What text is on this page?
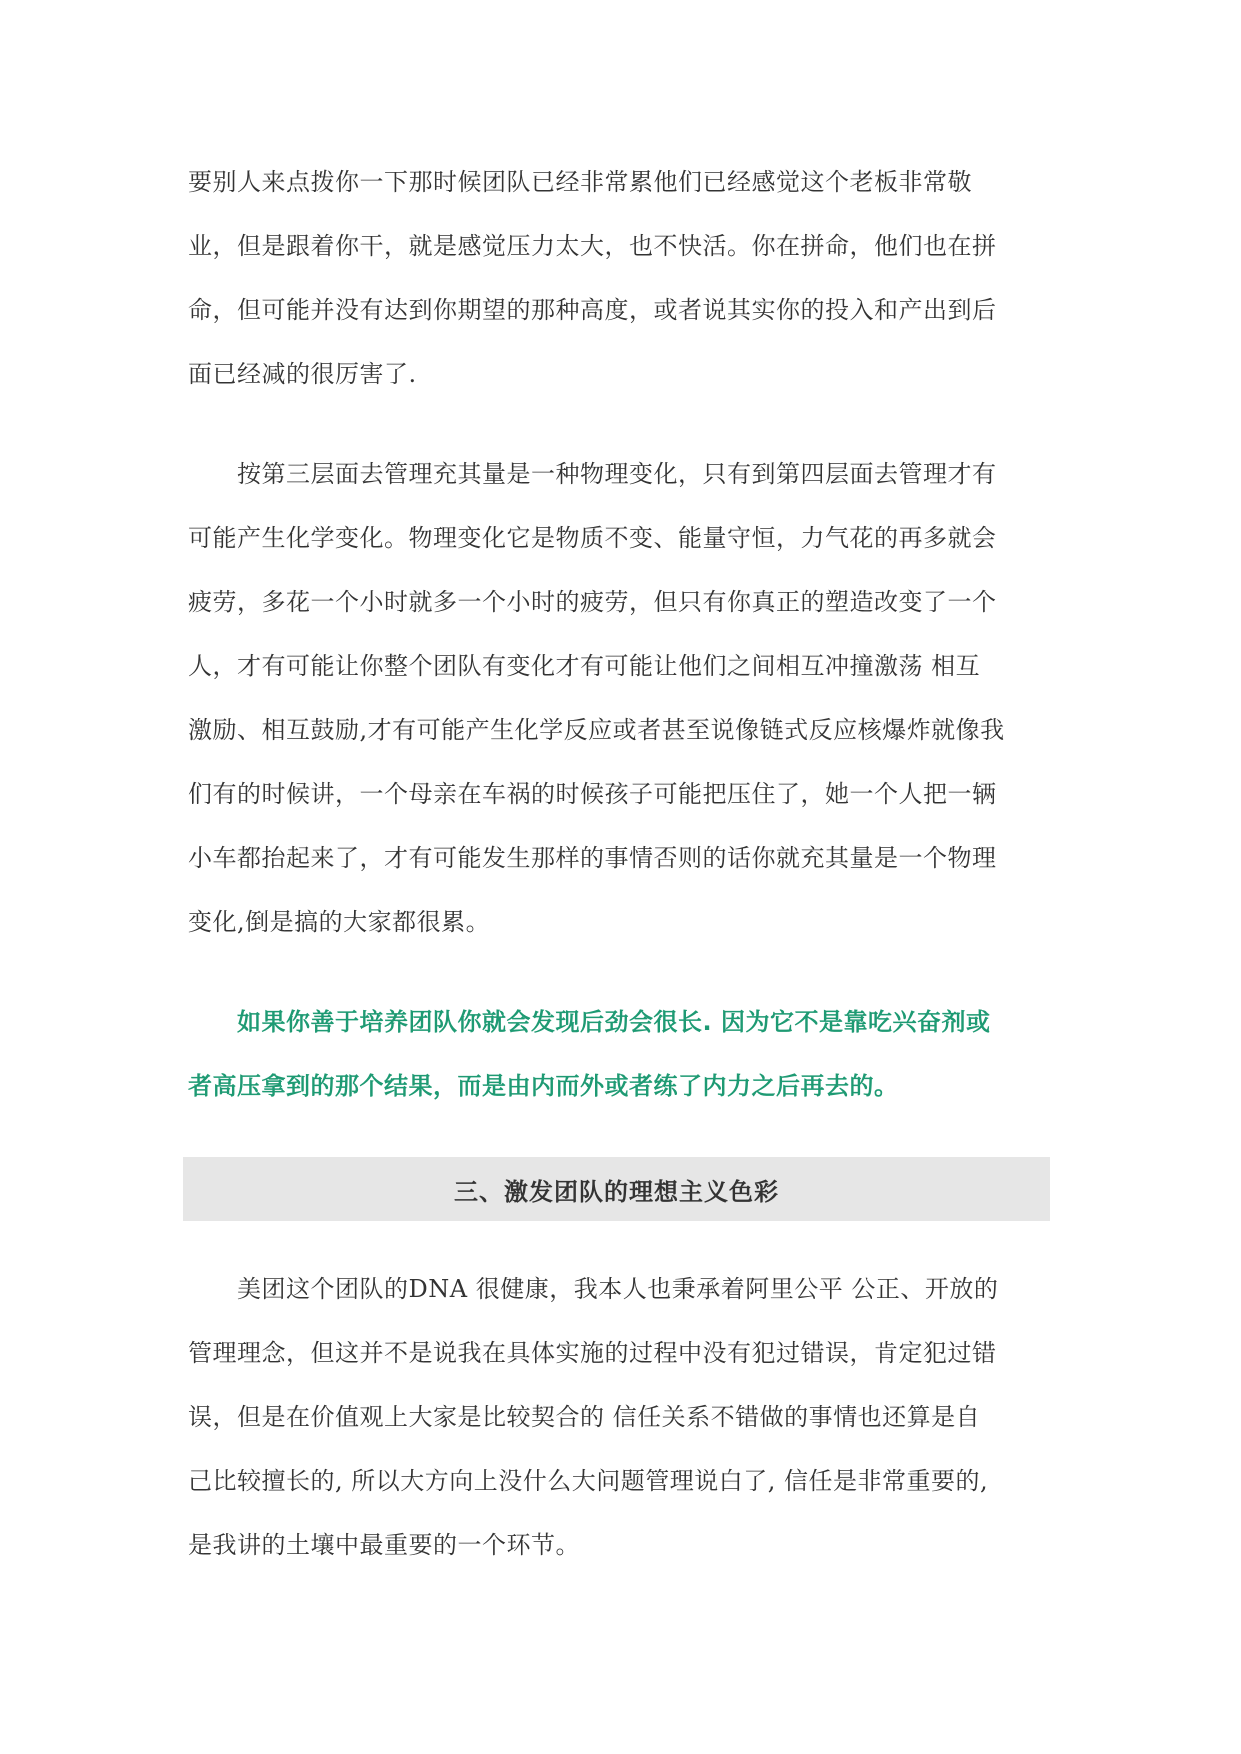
要别人来点拨你一下那时候团队已经非常累他们已经感觉这个老板非常敬
业，但是跟着你干，就是感觉压力太大，也不快活。你在拼命，他们也在拼
命，但可能并没有达到你期望的那种高度，或者说其实你的投入和产出到后
面已经减的很厉害了.
　　按第三层面去管理充其量是一种物理变化，只有到第四层面去管理才有
可能产生化学变化。物理变化它是物质不变、能量守恒，力气花的再多就会
疲劳，多花一个小时就多一个小时的疲劳，但只有你真正的塑造改变了一个
人，才有可能让你整个团队有变化才有可能让他们之间相互冲撞激荡 相互
激励、相互鼓励,才有可能产生化学反应或者甚至说像链式反应核爆炸就像我
们有的时候讲，一个母亲在车祸的时候孩子可能把压住了，她一个人把一辆
小车都抬起来了，才有可能发生那样的事情否则的话你就充其量是一个物理
变化,倒是搞的大家都很累。
　　如果你善于培养团队你就会发现后劲会很长. 因为它不是靠吃兴奋剂或
者高压拿到的那个结果，而是由内而外或者练了内力之后再去的。
三、激发团队的理想主义色彩
　　美团这个团队的DNA 很健康，我本人也秉承着阿里公平 公正、开放的
管理理念，但这并不是说我在具体实施的过程中没有犯过错误，肯定犯过错
误，但是在价值观上大家是比较契合的 信任关系不错做的事情也还算是自
己比较擅长的, 所以大方向上没什么大问题管理说白了, 信任是非常重要的,
是我讲的土壤中最重要的一个环节。
